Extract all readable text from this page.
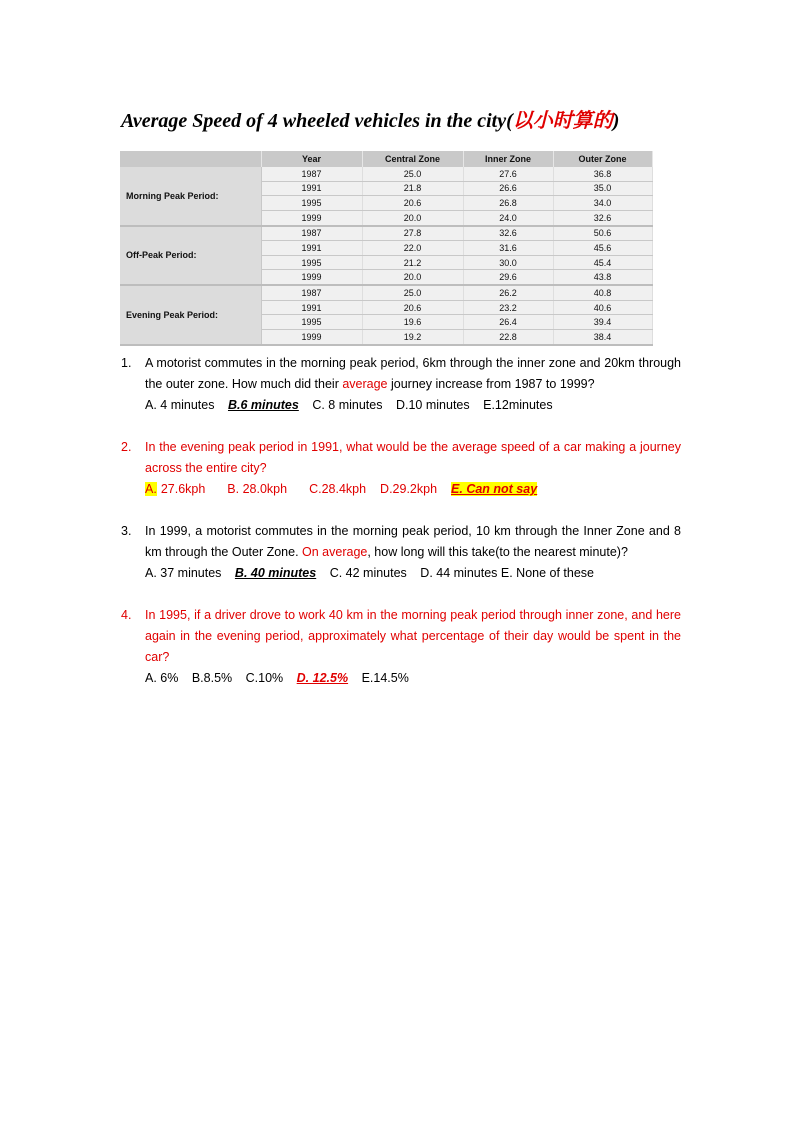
Average Speed of 4 wheeled vehicles in the city(以小时算的)
	Year	Central Zone	Inner Zone	Outer Zone
Morning Peak Period:	1987	25.0	27.6	36.8
	1991	21.8	26.6	35.0
	1995	20.6	26.8	34.0
	1999	20.0	24.0	32.6
Off-Peak Period:	1987	27.8	32.6	50.6
	1991	22.0	31.6	45.6
	1995	21.2	30.0	45.4
	1999	20.0	29.6	43.8
Evening Peak Period:	1987	25.0	26.2	40.8
	1991	20.6	23.2	40.6
	1995	19.6	26.4	39.4
	1999	19.2	22.8	38.4
1. A motorist commutes in the morning peak period, 6km through the inner zone and 20km through the outer zone. How much did their average journey increase from 1987 to 1999?

A. 4 minutes B.6 minutes C. 8 minutes D.10 minutes E.12minutes

2. In the evening peak period in 1991, what would be the average speed of a car making a journey across the entire city?

A. 27.6kph B. 28.0kph C.28.4kph D.29.2kph E. Can not say

3. In 1999, a motorist commutes in the morning peak period, 10 km through the Inner Zone and 8 km through the Outer Zone. On average, how long will this take(to the nearest minute)?

A. 37 minutes B. 40 minutes C. 42 minutes D. 44 minutes E. None of these

4. In 1995, if a driver drove to work 40 km in the morning peak period through inner zone, and here again in the evening period, approximately what percentage of their day would be spent in the car?

A. 6% B.8.5% C.10% D. 12.5% E.14.5%
